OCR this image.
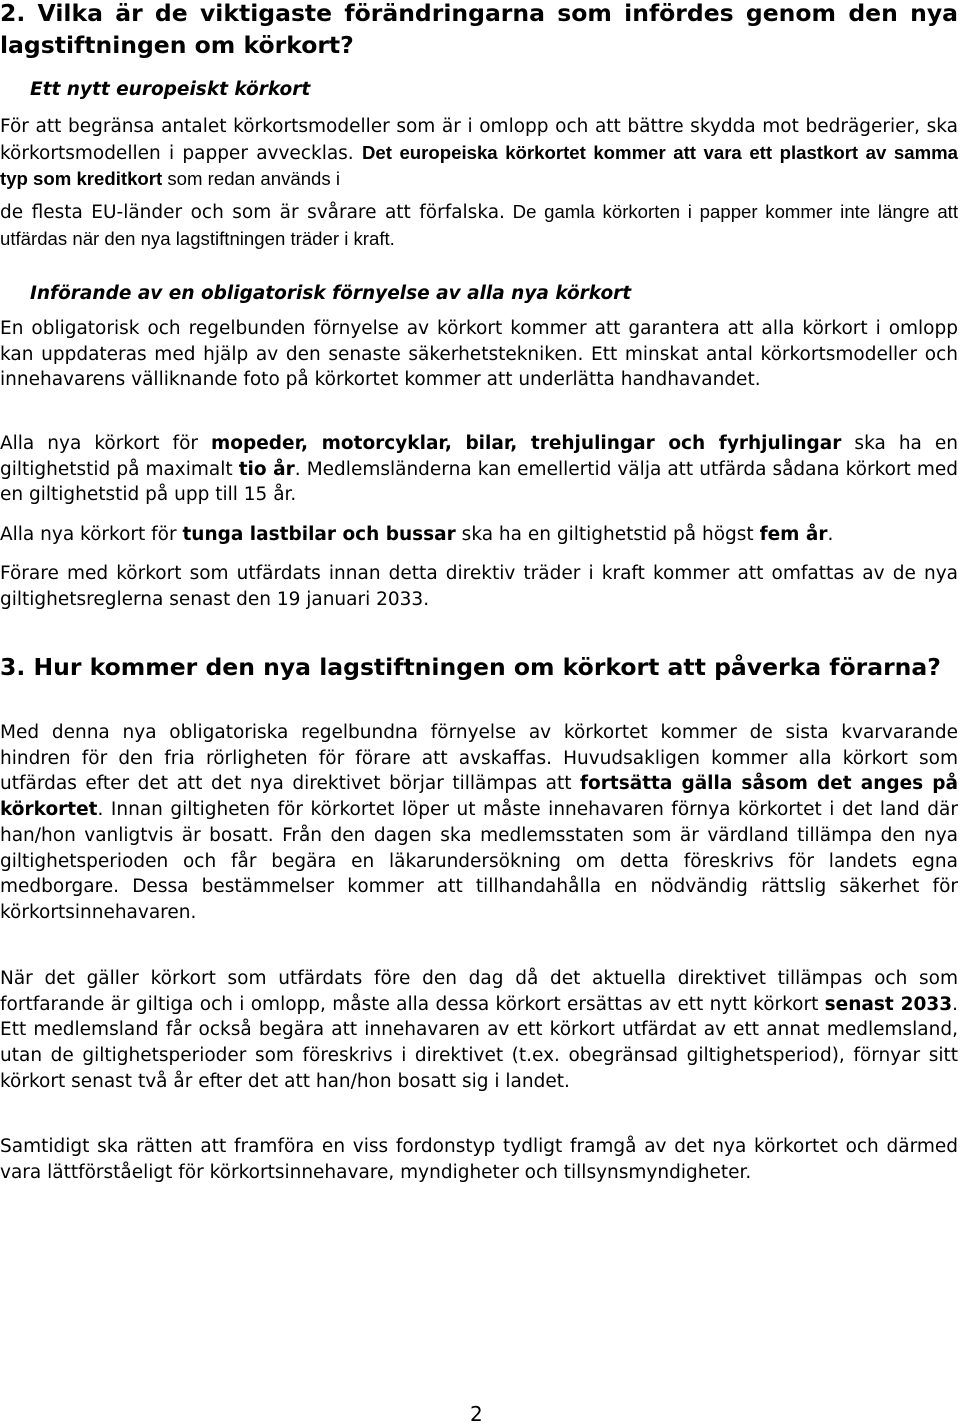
2. Vilka är de viktigaste förändringarna som infördes genom den nya lagstiftningen om körkort?
Ett nytt europeiskt körkort

För att begränsa antalet körkortsmodeller som är i omlopp och att bättre skydda mot bedrägerier, ska körkortsmodellen i papper avvecklas. Det europeiska körkortet kommer att vara ett plastkort av samma typ som kreditkort som redan används i
de flesta EU-länder och som är svårare att förfalska. De gamla körkorten i papper kommer inte längre att utfärdas när den nya lagstiftningen träder i kraft.

Införande av en obligatorisk förnyelse av alla nya körkort

En obligatorisk och regelbunden förnyelse av körkort kommer att garantera att alla körkort i omlopp kan uppdateras med hjälp av den senaste säkerhetstekniken. Ett minskat antal körkortsmodeller och innehavarens välliknande foto på körkortet kommer att underlätta handhavandet.

Alla nya körkort för mopeder, motorcyklar, bilar, trehjulingar och fyrhjulingar ska ha en giltighetstid på maximalt tio år. Medlemsländerna kan emellertid välja att utfärda sådana körkort med en giltighetstid på upp till 15 år.

Alla nya körkort för tunga lastbilar och bussar ska ha en giltighetstid på högst fem år.

Förare med körkort som utfärdats innan detta direktiv träder i kraft kommer att omfattas av de nya giltighetsreglerna senast den 19 januari 2033.

3. Hur kommer den nya lagstiftningen om körkort att påverka förarna?

Med denna nya obligatoriska regelbundna förnyelse av körkortet kommer de sista kvarvarande hindren för den fria rörligheten för förare att avskaffas. Huvudsakligen kommer alla körkort som utfärdas efter det att det nya direktivet börjar tillämpas att fortsätta gälla såsom det anges på körkortet. Innan giltigheten för körkortet löper ut måste innehavaren förnya körkortet i det land där han/hon vanligtvis är bosatt. Från den dagen ska medlemsstaten som är värdland tillämpa den nya giltighetsperioden och får begära en läkarundersökning om detta föreskrivs för landets egna medborgare. Dessa bestämmelser kommer att tillhandahålla en nödvändig rättslig säkerhet för körkortsinnehavaren.

När det gäller körkort som utfärdats före den dag då det aktuella direktivet tillämpas och som fortfarande är giltiga och i omlopp, måste alla dessa körkort ersättas av ett nytt körkort senast 2033. Ett medlemsland får också begära att innehavaren av ett körkort utfärdat av ett annat medlemsland, utan de giltighetsperioder som föreskrivs i direktivet (t.ex. obegränsad giltighetsperiod), förnyar sitt körkort senast två år efter det att han/hon bosatt sig i landet.

Samtidigt ska rätten att framföra en viss fordonstyp tydligt framgå av det nya körkortet och därmed vara lättförståeligt för körkortsinnehavare, myndigheter och tillsynsmyndigheter.

2
